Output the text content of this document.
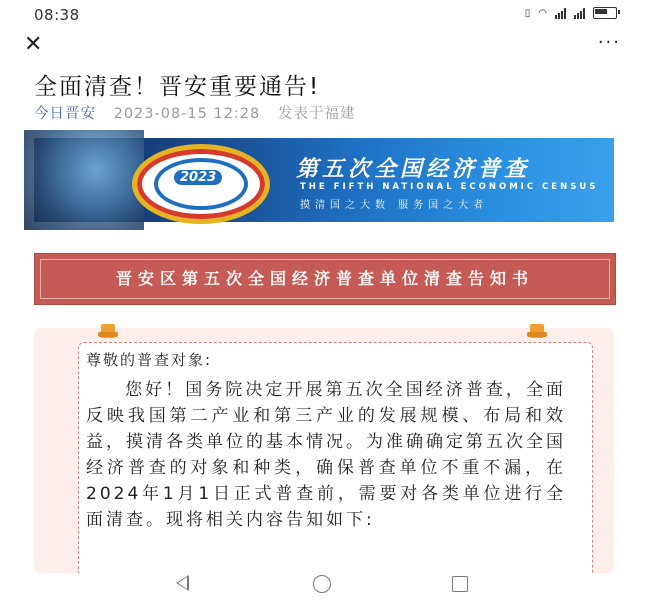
08:38	▯ ◠
✕	···
全面清查！晋安重要通告!
今日晋安 2023-08-15 12:28 发表于福建
2023	第五次全国经济普查
THE FIFTH NATIONAL ECONOMIC CENSUS
摸清国之大数 服务国之大者
晋安区第五次全国经济普查单位清查告知书
尊敬的普查对象:

您好！国务院决定开展第五次全国经济普查，全面反映我国第二产业和第三产业的发展规模、布局和效益，摸清各类单位的基本情况。为准确确定第五次全国经济普查的对象和种类，确保普查单位不重不漏，在2024年1月1日正式普查前，需要对各类单位进行全面清查。现将相关内容告知如下:
